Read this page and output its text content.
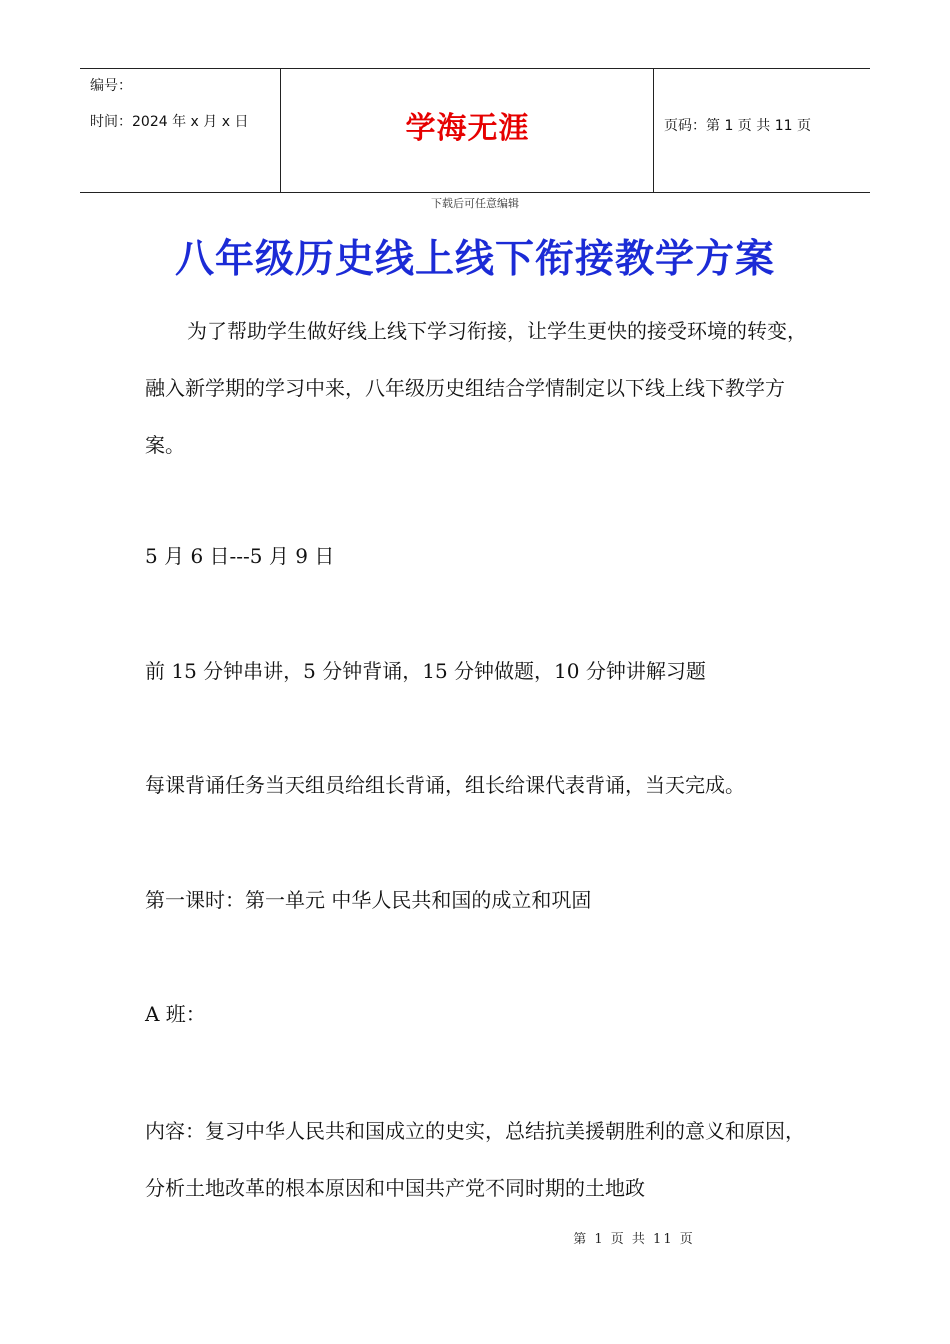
编号：
时间：2024 年 x 月 x 日	学海无涯	页码：第 1 页 共 11 页
下载后可任意编辑
八年级历史线上线下衔接教学方案
为了帮助学生做好线上线下学习衔接，让学生更快的接受环境的转变，融入新学期的学习中来，八年级历史组结合学情制定以下线上线下教学方案。
5 月 6 日---5 月 9 日
前 15 分钟串讲，5 分钟背诵，15 分钟做题，10 分钟讲解习题
每课背诵任务当天组员给组长背诵，组长给课代表背诵，当天完成。
第一课时：第一单元 中华人民共和国的成立和巩固
A 班：
内容：复习中华人民共和国成立的史实，总结抗美援朝胜利的意义和原因，分析土地改革的根本原因和中国共产党不同时期的土地政
第 1 页 共 11 页
